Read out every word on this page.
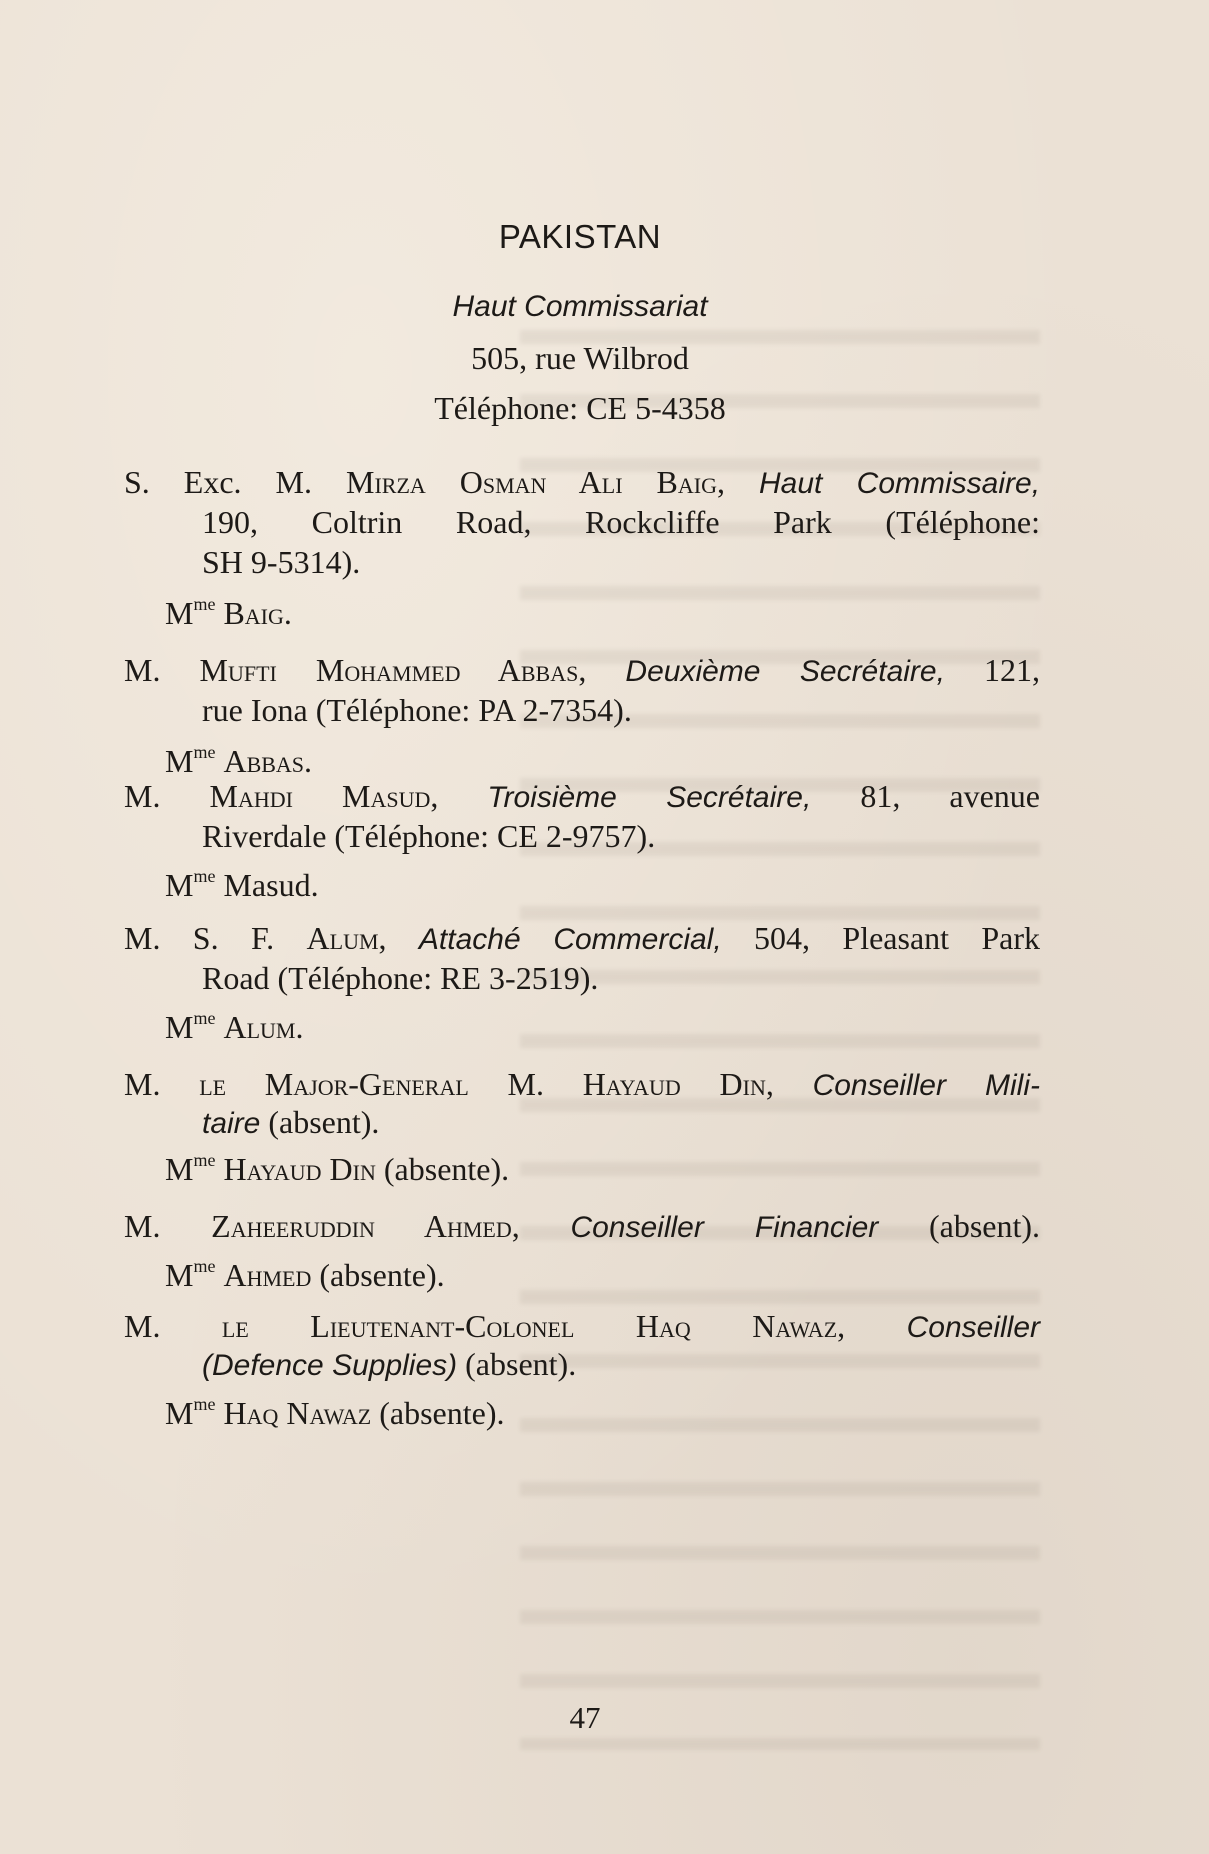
PAKISTAN
Haut Commissariat
505, rue Wilbrod
Téléphone: CE 5-4358
S. Exc. M. Mirza Osman Ali Baig, Haut Commissaire,
190, Coltrin Road, Rockcliffe Park (Téléphone:
SH 9-5314).
$M^{me}$ Baig.
M. Mufti Mohammed Abbas, Deuxième Secrétaire, 121,
rue Iona (Téléphone: PA 2-7354).
$M^{me}$ Abbas.
M. Mahdi Masud, Troisième Secrétaire, 81, avenue
Riverdale (Téléphone: CE 2-9757).
$M^{me}$ Masud.
M. S. F. Alum, Attaché Commercial, 504, Pleasant Park
Road (Téléphone: RE 3-2519).
$M^{me}$ Alum.
M. le Major-General M. Hayaud Din, Conseiller Mili-
taire (absent).
$M^{me}$ Hayaud Din (absente).
M. Zaheeruddin Ahmed, Conseiller Financier (absent).
$M^{me}$ Ahmed (absente).
M. le Lieutenant-Colonel Haq Nawaz, Conseiller
(Defence Supplies) (absent).
$M^{me}$ Haq Nawaz (absente).
47
